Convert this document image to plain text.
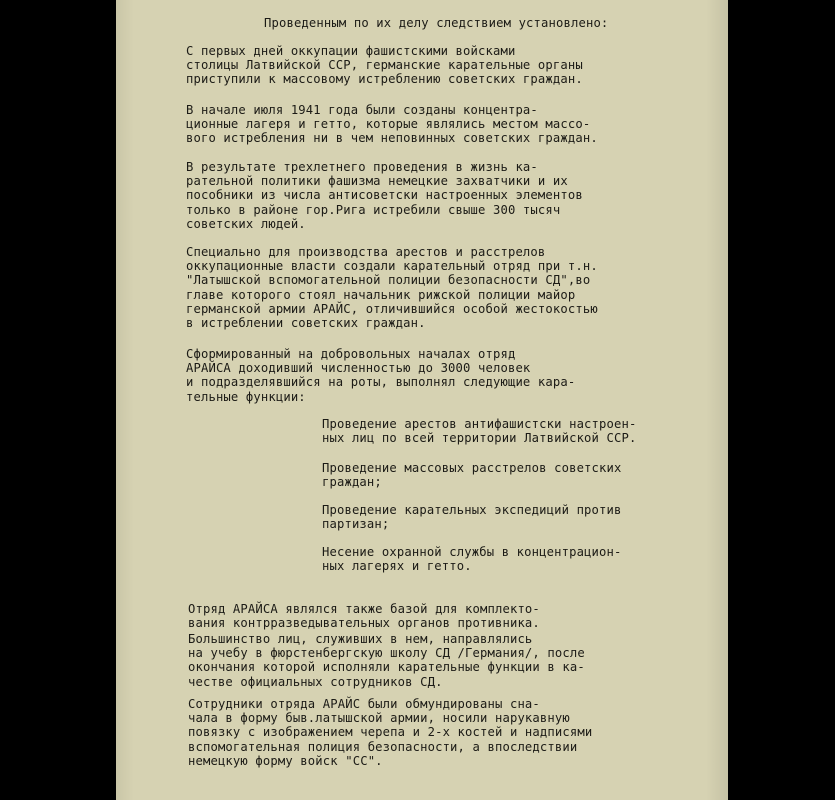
Проведенным по их делу следствием установлено:

С первых дней оккупации фашистскими войсками
столицы Латвийской ССР, германские карательные органы
приступили к массовому истреблению советских граждан.

В начале июля 1941 года были созданы концентра-
ционные лагеря и гетто, которые являлись местом массо-
вого истребления ни в чем неповинных советских граждан.

В результате трехлетнего проведения в жизнь ка-
рательной политики фашизма немецкие захватчики и их
пособники из числа антисоветски настроенных элементов
только в районе гор.Рига истребили свыше 300 тысяч
советских людей.

Специально для производства арестов и расстрелов
оккупационные власти создали карательный отряд при т.н.
"Латышской вспомогательной полиции безопасности СД",во
главе которого стоял начальник рижской полиции майор
германской армии АРАЙС, отличившийся особой жестокостью
в истреблении советских граждан.

Сформированный на добровольных началах отряд
АРАЙСА доходивший численностью до 3000 человек
и подразделявшийся на роты, выполнял следующие кара-
тельные функции:

Проведение арестов антифашистски настроен-
ных лиц по всей территории Латвийской ССР.

Проведение массовых расстрелов советских
граждан;

Проведение карательных экспедиций против
партизан;

Несение охранной службы в концентрацион-
ных лагерях и гетто.

Отряд АРАЙСА являлся также базой для комплекто-
вания контрразведывательных органов противника.

Большинство лиц, служивших в нем, направлялись
на учебу в фюрстенбергскую школу СД /Германия/, после
окончания которой исполняли карательные функции в ка-
честве официальных сотрудников СД.

Сотрудники отряда АРАЙС были обмундированы сна-
чала в форму быв.латышской армии, носили нарукавную
повязку с изображением черепа и 2-х костей и надписями
вспомогательная полиция безопасности, а впоследствии
немецкую форму войск "СС".
